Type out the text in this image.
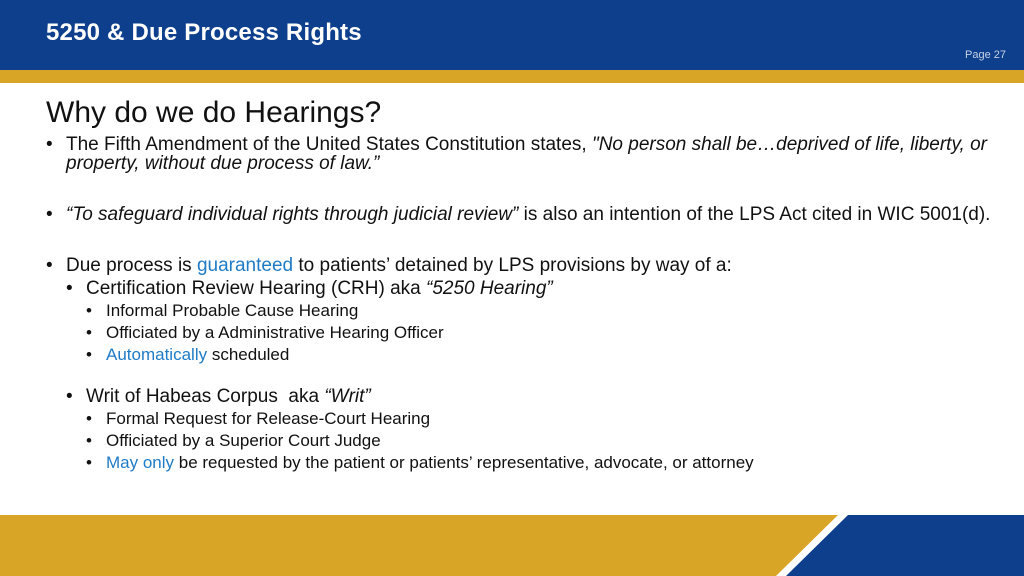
5250 & Due Process Rights
Page 27
Why do we do Hearings?
• The Fifth Amendment of the United States Constitution states, "No person shall be…deprived of life, liberty, or property, without due process of law.”
• “To safeguard individual rights through judicial review” is also an intention of the LPS Act cited in WIC 5001(d).
• Due process is guaranteed to patients’ detained by LPS provisions by way of a:
• Certification Review Hearing (CRH) aka “5250 Hearing”
• Informal Probable Cause Hearing
• Officiated by a Administrative Hearing Officer
• Automatically scheduled
• Writ of Habeas Corpus  aka “Writ”
• Formal Request for Release-Court Hearing
• Officiated by a Superior Court Judge
• May only be requested by the patient or patients’ representative, advocate, or attorney
